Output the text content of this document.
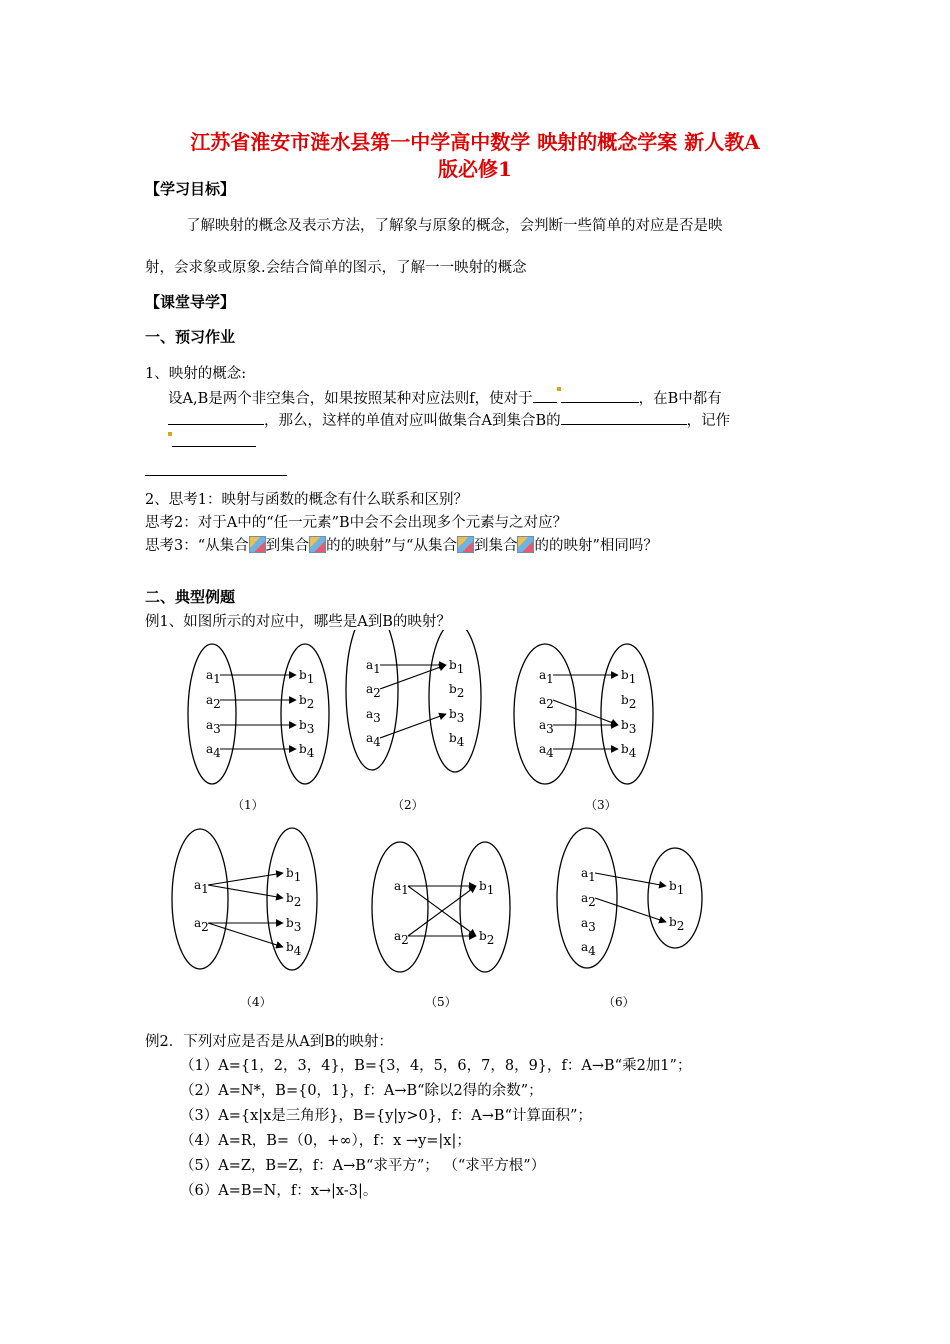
江苏省淮安市涟水县第一中学高中数学 映射的概念学案 新人教A
版必修1
【学习目标】
了解映射的概念及表示方法，了解象与原象的概念，会判断一些简单的对应是否是映
射，会求象或原象.会结合简单的图示，了解一一映射的概念
【课堂导学】
一、预习作业
1、映射的概念:
设A,B是两个非空集合，如果按照某种对应法则f，使对于	，在B中都有
，那么，这样的单值对应叫做集合A到集合B的	，记作
2、思考1：映射与函数的概念有什么联系和区别？
思考2：对于A中的“任一元素”B中会不会出现多个元素与之对应？
思考3：“从集合 到集合 的的映射”与“从集合 到集合 的的映射”相同吗？
二、典型例题
例1、如图所示的对应中，哪些是A到B的映射？
a1
a2
a3
a4
b1
b2
b3
b4
a1
a2
a3
a4
b1
b2
b3
b4
a1
a2
a3
a4
b1
b2
b3
b4
a1
a2
b1
b2
b3
b4
a1
a2
b1
b2
a1
a2
a3
a4
b1
b2
（1）	（2）	（3）
（4）	（5）	（6）
例2．下列对应是否是从A到B的映射：
（1）A={1，2，3，4}，B={3，4，5，6，7，8，9}，f：A→B“乘2加1”；
（2）A=N*，B={0，1}，f：A→B“除以2得的余数”；
（3）A={x|x是三角形}，B={y|y>0}，f：A→B“计算面积”；
（4）A=R，B=（0，+∞），f：x →y=|x|；
（5）A=Z，B=Z，f：A→B“求平方”； （“求平方根”）
（6）A=B=N，f：x→|x-3|。
